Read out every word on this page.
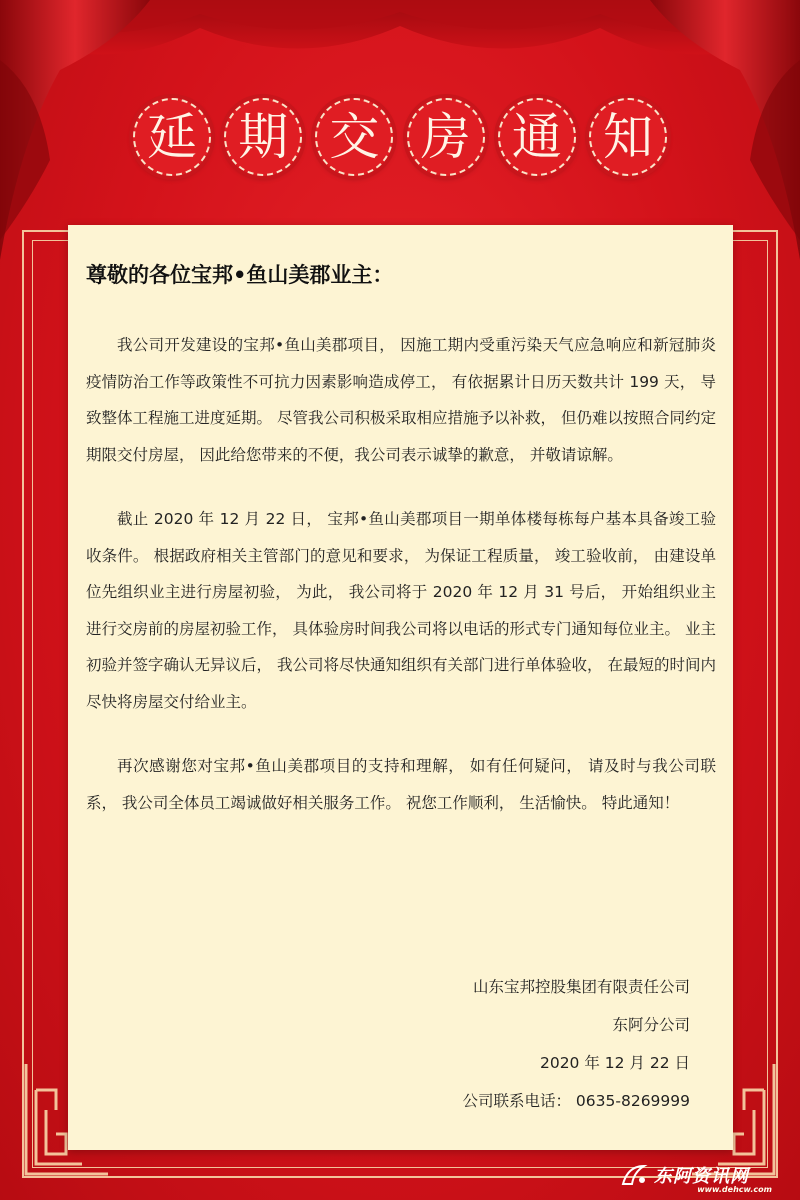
延 期 交 房 通 知
尊敬的各位宝邦•鱼山美郡业主：

我公司开发建设的宝邦•鱼山美郡项目， 因施工期内受重污染天气应急响应和新冠肺炎疫情防治工作等政策性不可抗力因素影响造成停工， 有依据累计日历天数共计 199 天， 导致整体工程施工进度延期。 尽管我公司积极采取相应措施予以补救， 但仍难以按照合同约定期限交付房屋， 因此给您带来的不便，我公司表示诚挚的歉意， 并敬请谅解。

截止 2020 年 12 月 22 日， 宝邦•鱼山美郡项目一期单体楼每栋每户基本具备竣工验收条件。 根据政府相关主管部门的意见和要求， 为保证工程质量， 竣工验收前， 由建设单位先组织业主进行房屋初验， 为此， 我公司将于 2020 年 12 月 31 号后， 开始组织业主进行交房前的房屋初验工作， 具体验房时间我公司将以电话的形式专门通知每位业主。 业主初验并签字确认无异议后， 我公司将尽快通知组织有关部门进行单体验收， 在最短的时间内尽快将房屋交付给业主。

再次感谢您对宝邦•鱼山美郡项目的支持和理解， 如有任何疑问， 请及时与我公司联系， 我公司全体员工竭诚做好相关服务工作。 祝您工作顺利， 生活愉快。 特此通知！

山东宝邦控股集团有限责任公司
东阿分公司
2020 年 12 月 22 日
公司联系电话： 0635-8269999
东阿资讯网
www.dehcw.com
